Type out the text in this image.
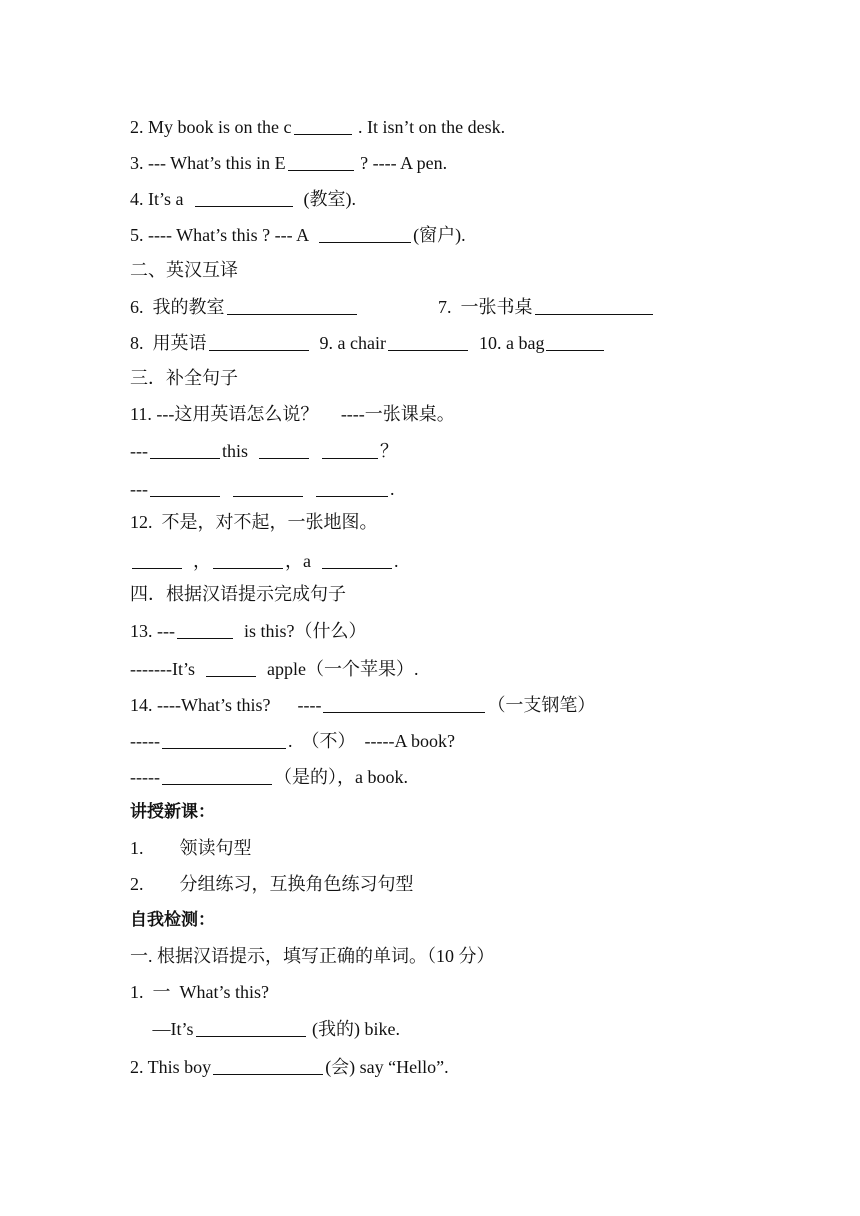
2. My book is on the c	. It isn’t on the desk.
3. --- What’s this in E	? ---- A pen.
4. It’s a	(教室).
5. ---- What’s this ? --- A	(窗户).
二、英汉互译
6.  我的教室	7.  一张书桌
8.  用英语	9. a chair	10. a bag
三．补全句子
11. ---这用英语怎么说？     ----一张课桌。
---	this	？
---	.
12.  不是，对不起，一张地图。
，	，a	.
四．根据汉语提示完成句子
13. ---	is this?（什么）
-------It’s	apple（一个苹果）.
14. ----What’s this?      ----	（一支钢笔）
-----	.  （不）  -----A book?
-----	（是的），a book.
讲授新课：
1.        领读句型
2.        分组练习，互换角色练习句型
自我检测：
一. 根据汉语提示，填写正确的单词。（10 分）
1.  一  What’s this?
—It’s	(我的) bike.
2. This boy	(会) say “Hello”.
